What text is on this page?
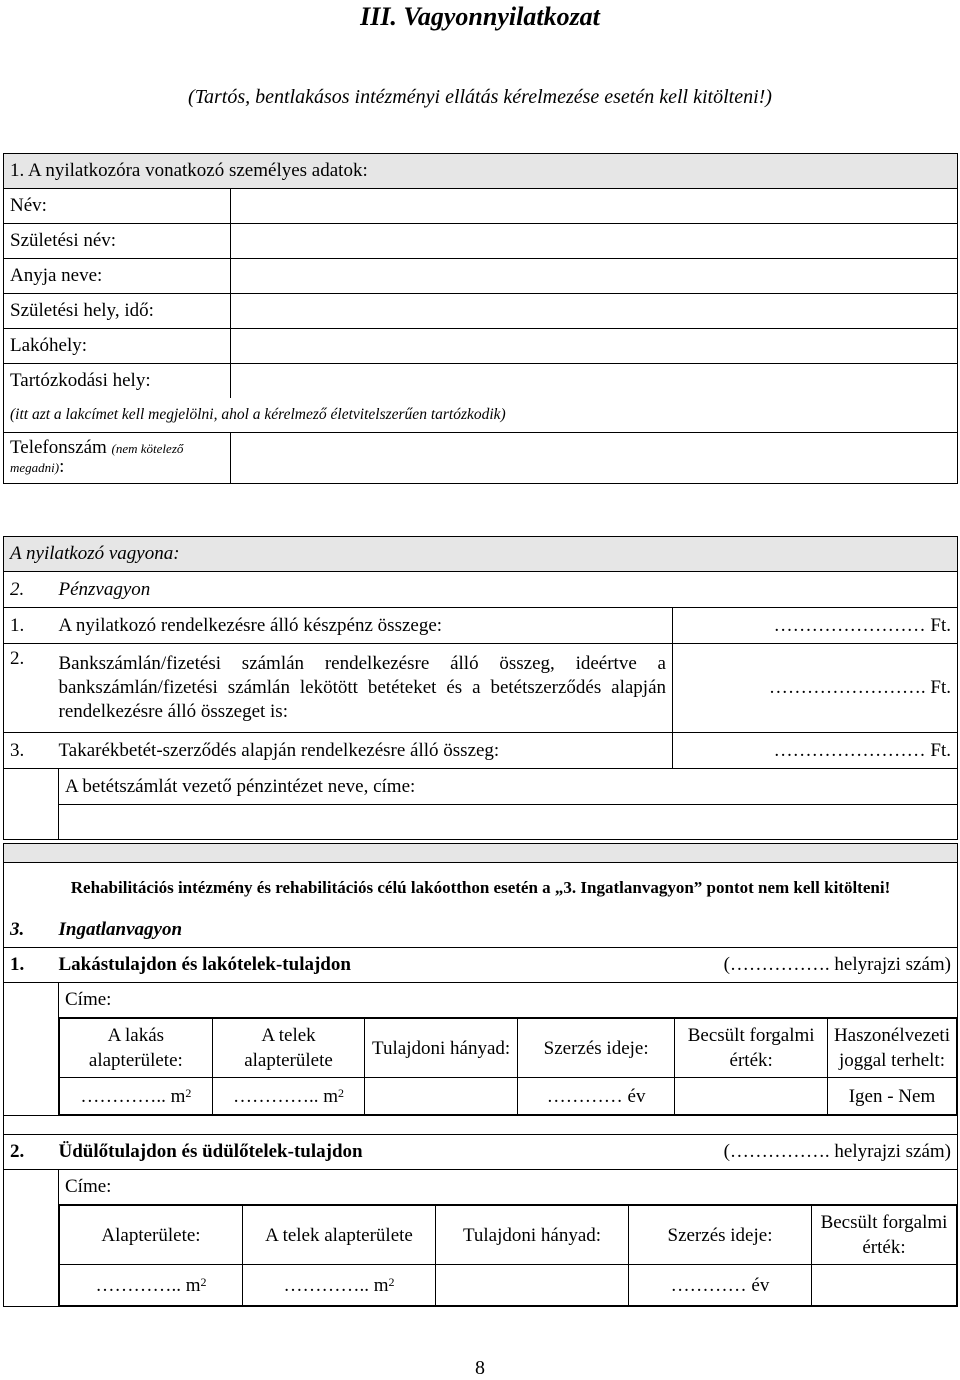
III. Vagyonnyilatkozat
(Tartós, bentlakásos intézményi ellátás kérelmezése esetén kell kitölteni!)
1. A nyilatkozóra vonatkozó személyes adatok:	
Név:	
Születési név:	
Anyja neve:	
Születési hely, idő:	
Lakóhely:	
Tartózkodási hely:	
(itt azt a lakcímet kell megjelölni, ahol a kérelmező életvitelszerűen tartózkodik)	
Telefonszám (nem kötelező
megadni):	
A nyilatkozó vagyona:		
2.	Pénzvagyon	
1.	A nyilatkozó rendelkezésre álló készpénz összege:	…………………… Ft.
2.	Bankszámlán/fizetési számlán rendelkezésre álló összeg, ideértve a bankszámlán/fizetési számlán lekötött betéteket és a betétszerződés alapján rendelkezésre álló összeget is:	……………………. Ft.
3.	Takarékbetét-szerződés alapján rendelkezésre álló összeg:	…………………… Ft.
	A betétszámlát vezető pénzintézet neve, címe:	

Rehabilitációs intézmény és rehabilitációs célú lakóotthon esetén a „3. Ingatlanvagyon” pontot nem kell kitölteni!
3.	Ingatlanvagyon
1.	Lakástulajdon és lakótelek-tulajdon	(……………. helyrajzi szám)

	Címe:

A lakás alapterülete:	A telek alapterülete	Tulajdoni hányad:	Szerzés ideje:	Becsült forgalmi érték:	Haszonélvezeti joggal terhelt:
………….. $m^2$	………….. $m^2$		………… év		Igen - Nem

2.	Üdülőtulajdon és üdülőtelek-tulajdon	(……………. helyrajzi szám)

	Címe:

Alapterülete:	A telek alapterülete	Tulajdoni hányad:	Szerzés ideje:	Becsült forgalmi érték:
………….. $m^2$	………….. $m^2$		………… év	
8
